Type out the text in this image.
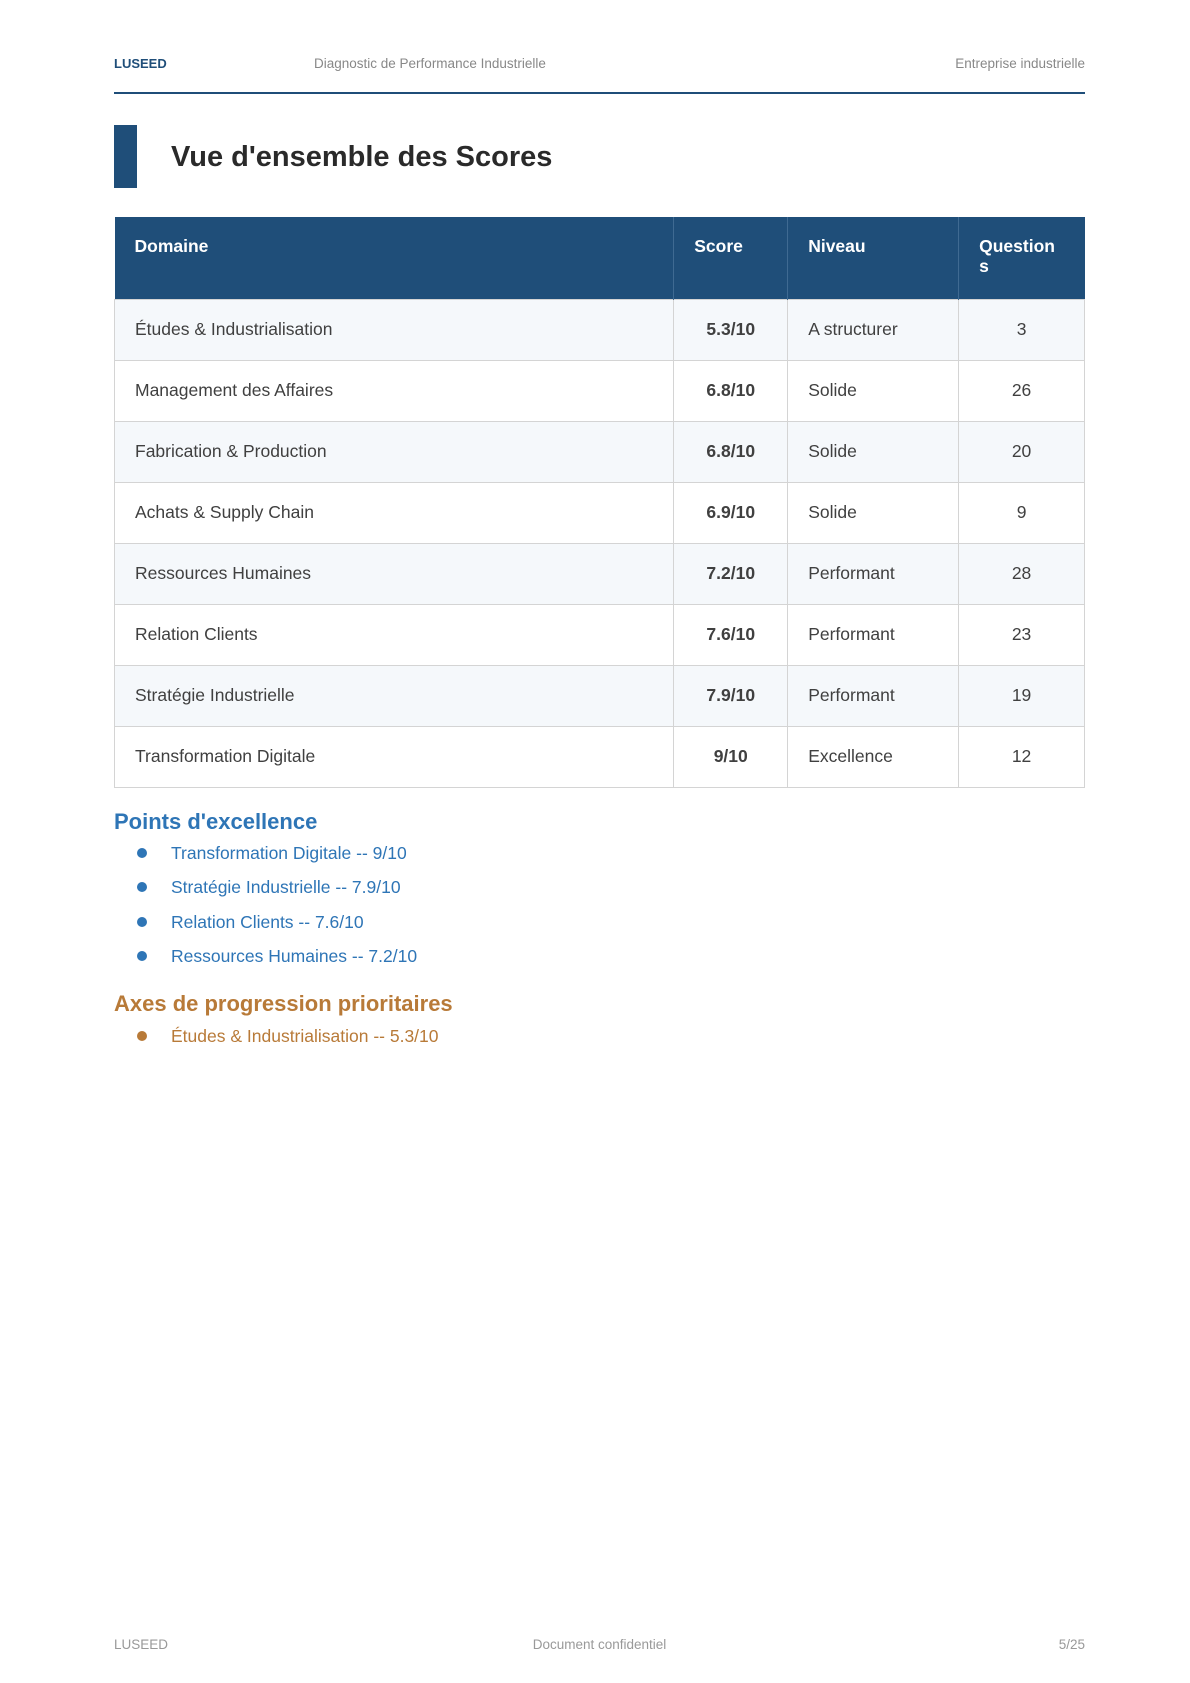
LUSEED	Diagnostic de Performance Industrielle	Entreprise industrielle
Vue d'ensemble des Scores
Domaine	Score	Niveau	Questions
Études & Industrialisation	5.3/10	A structurer	3
Management des Affaires	6.8/10	Solide	26
Fabrication & Production	6.8/10	Solide	20
Achats & Supply Chain	6.9/10	Solide	9
Ressources Humaines	7.2/10	Performant	28
Relation Clients	7.6/10	Performant	23
Stratégie Industrielle	7.9/10	Performant	19
Transformation Digitale	9/10	Excellence	12
Points d'excellence
Transformation Digitale -- 9/10
Stratégie Industrielle -- 7.9/10
Relation Clients -- 7.6/10
Ressources Humaines -- 7.2/10
Axes de progression prioritaires
Études & Industrialisation -- 5.3/10
LUSEED	Document confidentiel	5/25
